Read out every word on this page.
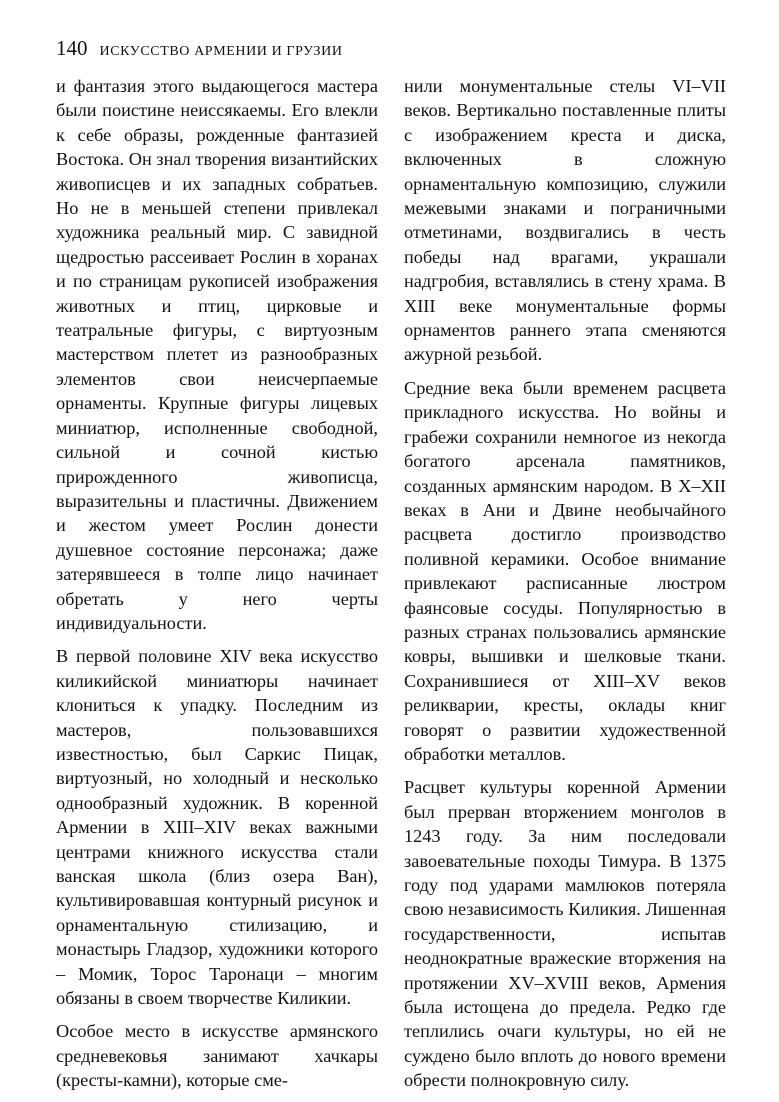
140 ИСКУССТВО АРМЕНИИ И ГРУЗИИ

и фантазия этого выдающегося мастера были поистине неиссякаемы. Его влекли к себе образы, рожденные фантазией Востока. Он знал творения византийских живописцев и их западных собратьев. Но не в меньшей степени привлекал художника реальный мир. С завидной щедростью рассеивает Рослин в хоранах и по страницам рукописей изображения животных и птиц, цирковые и театральные фигуры, с виртуозным мастерством плетет из разнообразных элементов свои неисчерпаемые орнаменты. Крупные фигуры лицевых миниатюр, исполненные свободной, сильной и сочной кистью прирожденного живописца, выразительны и пластичны. Движением и жестом умеет Рослин донести душевное состояние персонажа; даже затерявшееся в толпе лицо начинает обретать у него черты индивидуальности.

В первой половине XIV века искусство киликийской миниатюры начинает клониться к упадку. Последним из мастеров, пользовавшихся известностью, был Саркис Пицак, виртуозный, но холодный и несколько однообразный художник. В коренной Армении в XIII–XIV веках важными центрами книжного искусства стали ванская школа (близ озера Ван), культивировавшая контурный рисунок и орнаментальную стилизацию, и монастырь Гладзор, художники которого – Момик, Торос Таронаци – многим обязаны в своем творчестве Киликии.

Особое место в искусстве армянского средневековья занимают хачкары (кресты-камни), которые сме-

нили монументальные стелы VI–VII веков. Вертикально поставленные плиты с изображением креста и диска, включенных в сложную орнаментальную композицию, служили межевыми знаками и пограничными отметинами, воздвигались в честь победы над врагами, украшали надгробия, вставлялись в стену храма. В XIII веке монументальные формы орнаментов раннего этапа сменяются ажурной резьбой.

Средние века были временем расцвета прикладного искусства. Но войны и грабежи сохранили немногое из некогда богатого арсенала памятников, созданных армянским народом. В X–XII веках в Ани и Двине необычайного расцвета достигло производство поливной керамики. Особое внимание привлекают расписанные люстром фаянсовые сосуды. Популярностью в разных странах пользовались армянские ковры, вышивки и шелковые ткани. Сохранившиеся от XIII–XV веков реликварии, кресты, оклады книг говорят о развитии художественной обработки металлов.

Расцвет культуры коренной Армении был прерван вторжением монголов в 1243 году. За ним последовали завоевательные походы Тимура. В 1375 году под ударами мамлюков потеряла свою независимость Киликия. Лишенная государственности, испытав неоднократные вражеские вторжения на протяжении XV–XVIII веков, Армения была истощена до предела. Редко где теплились очаги культуры, но ей не суждено было вплоть до нового времени обрести полнокровную силу.
